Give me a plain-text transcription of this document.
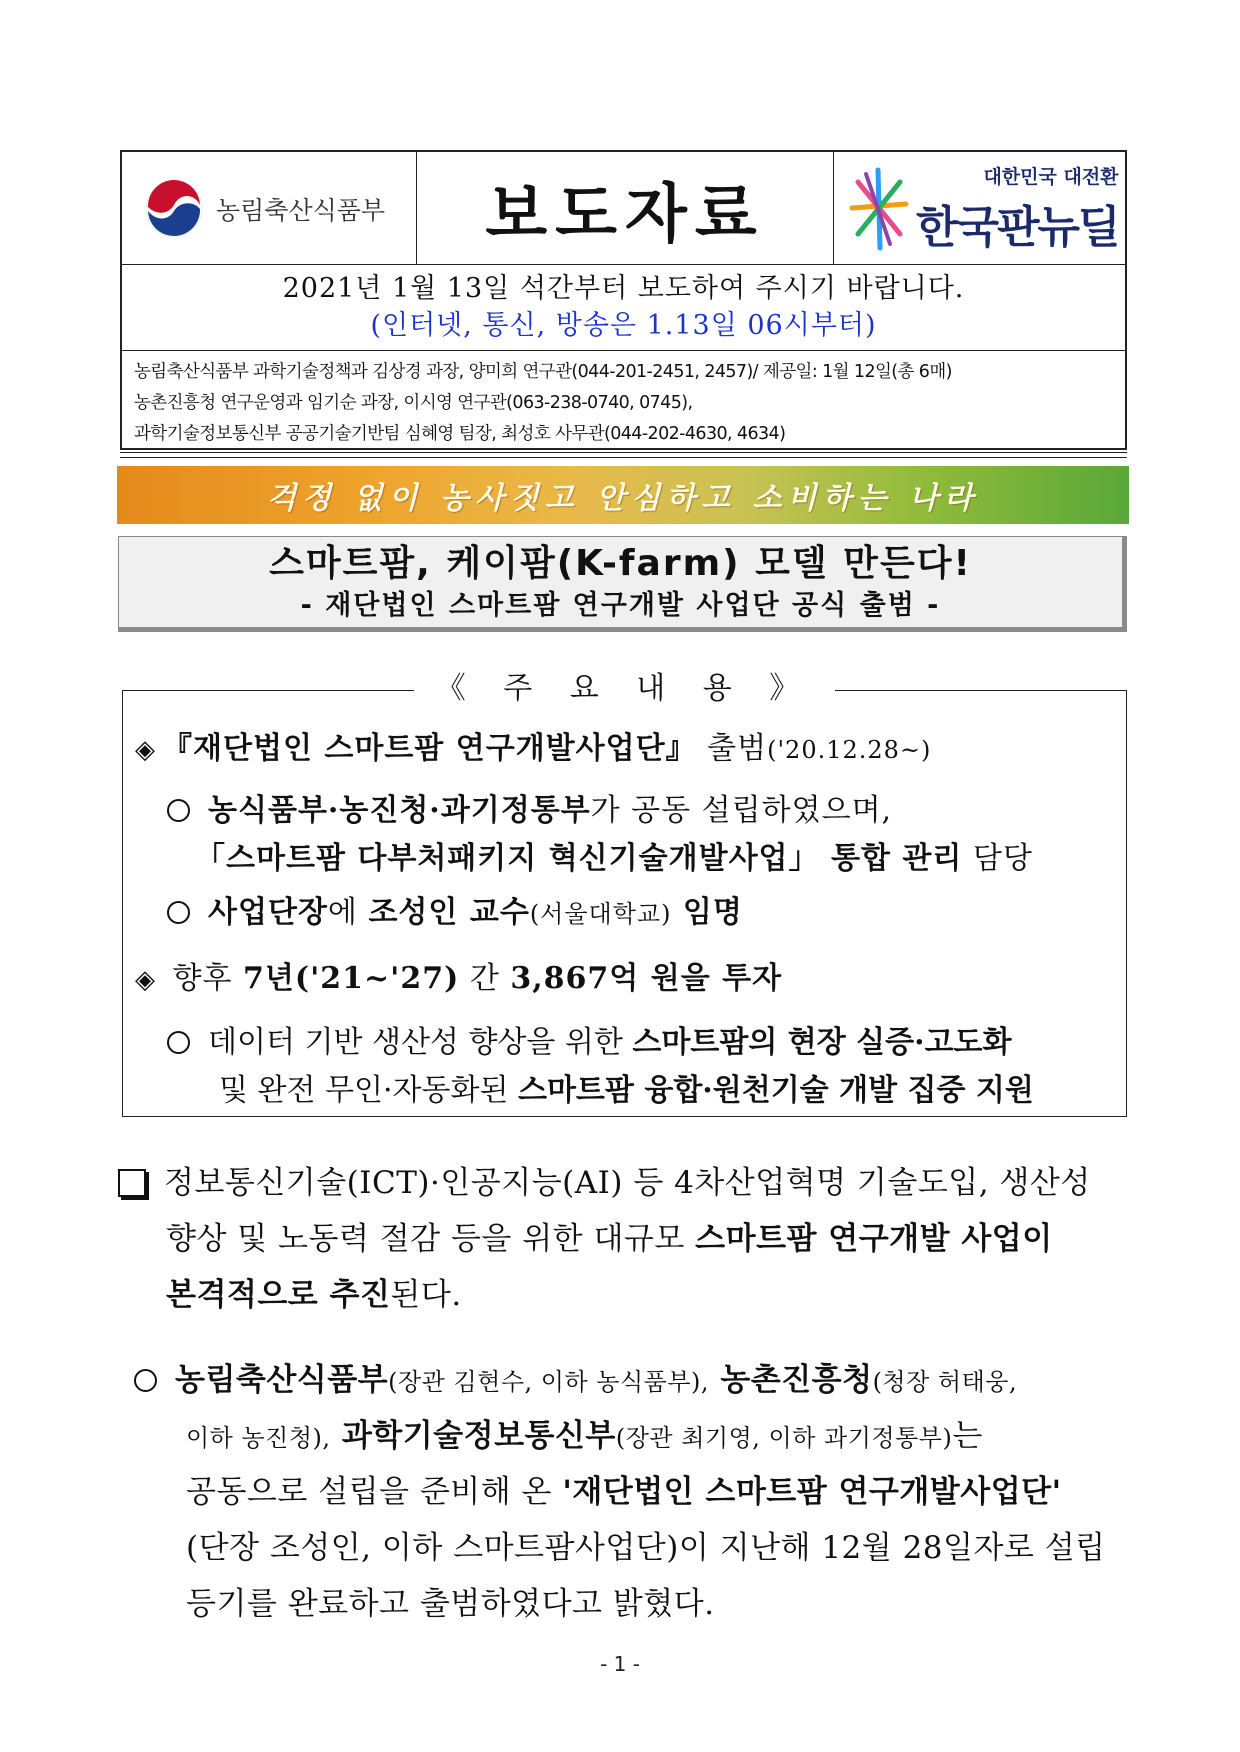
농림축산식품부 보도자료
대한민국 대전환
한국판뉴딜
2021년 1월 13일 석간부터 보도하여 주시기 바랍니다.
(인터넷, 통신, 방송은 1.13일 06시부터)
농림축산식품부 과학기술정책과 김상경 과장, 양미희 연구관(044-201-2451, 2457)/ 제공일: 1월 12일(총 6매)
농촌진흥청 연구운영과 임기순 과장, 이시영 연구관(063-238-0740, 0745),
과학기술정보통신부 공공기술기반팀 심혜영 팀장, 최성호 사무관(044-202-4630, 4634)
걱정 없이 농사짓고 안심하고 소비하는 나라
스마트팜, 케이팜(K-farm) 모델 만든다!
- 재단법인 스마트팜 연구개발 사업단 공식 출범 -
《 주 요 내 용 》
◈ 『재단법인 스마트팜 연구개발사업단』 출범('20.12.28~)
농식품부·농진청·과기정통부가 공동 설립하였으며,
「스마트팜 다부처패키지 혁신기술개발사업」 통합 관리 담당
사업단장에 조성인 교수(서울대학교) 임명
◈ 향후 7년('21~'27) 간 3,867억 원을 투자
데이터 기반 생산성 향상을 위한 스마트팜의 현장 실증·고도화
및 완전 무인·자동화된 스마트팜 융합·원천기술 개발 집중 지원
정보통신기술(ICT)·인공지능(AI) 등 4차산업혁명 기술도입, 생산성
향상 및 노동력 절감 등을 위한 대규모 스마트팜 연구개발 사업이
본격적으로 추진된다.
농림축산식품부(장관 김현수, 이하 농식품부), 농촌진흥청(청장 허태웅,
이하 농진청), 과학기술정보통신부(장관 최기영, 이하 과기정통부)는
공동으로 설립을 준비해 온 '재단법인 스마트팜 연구개발사업단'
(단장 조성인, 이하 스마트팜사업단)이 지난해 12월 28일자로 설립
등기를 완료하고 출범하였다고 밝혔다.
- 1 -
